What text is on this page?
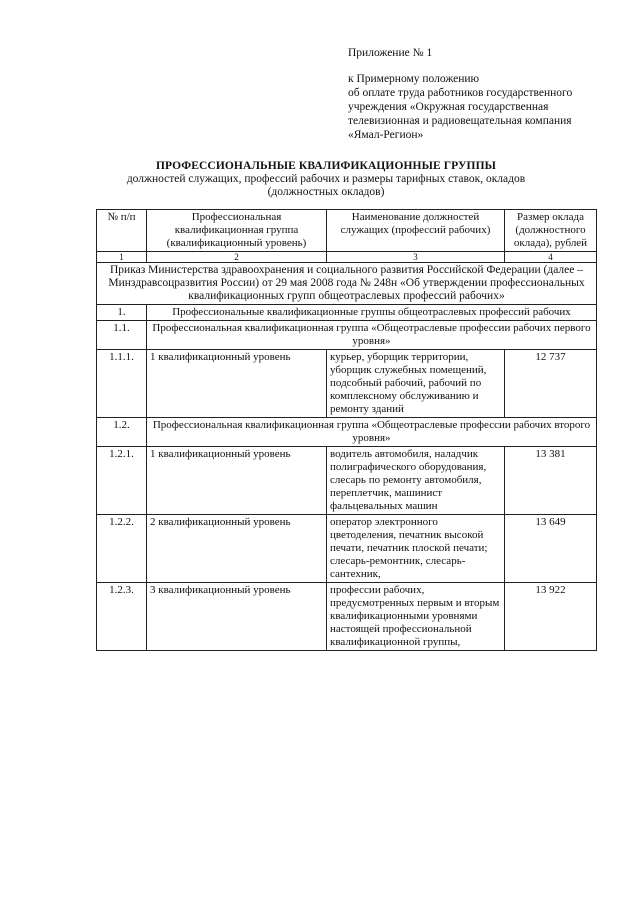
Приложение № 1
к Примерному положению
об оплате труда работников государственного
учреждения «Окружная государственная
телевизионная и радиовещательная компания
«Ямал-Регион»
ПРОФЕССИОНАЛЬНЫЕ КВАЛИФИКАЦИОННЫЕ ГРУППЫ
должностей служащих, профессий рабочих и размеры тарифных ставок, окладов
(должностных окладов)
№ п/п	Профессиональная квалификационная группа (квалификационный уровень)	Наименование должностей служащих (профессий рабочих)	Размер оклада (должностного оклада), рублей
1	2	3	4
Приказ Министерства здравоохранения и социального развития Российской Федерации (далее – Минздравсоцразвития России) от 29 мая 2008 года № 248н «Об утверждении профессиональных квалификационных групп общеотраслевых профессий рабочих»			
1.	Профессиональные квалификационные группы общеотраслевых профессий рабочих		
1.1.	Профессиональная квалификационная группа «Общеотраслевые профессии рабочих первого уровня»		
1.1.1.	1 квалификационный уровень	курьер, уборщик территории, уборщик служебных помещений, подсобный рабочий, рабочий по комплексному обслуживанию и ремонту зданий	12 737
1.2.	Профессиональная квалификационная группа «Общеотраслевые профессии рабочих второго уровня»		
1.2.1.	1 квалификационный уровень	водитель автомобиля, наладчик полиграфического оборудования, слесарь по ремонту автомобиля, переплетчик, машинист фальцевальных машин	13 381
1.2.2.	2 квалификационный уровень	оператор электронного цветоделения, печатник высокой печати, печатник плоской печати; слесарь-ремонтник, слесарь-сантехник,	13 649
1.2.3.	3 квалификационный уровень	профессии рабочих, предусмотренных первым и вторым квалификационными уровнями настоящей профессиональной квалификационной группы,	13 922
